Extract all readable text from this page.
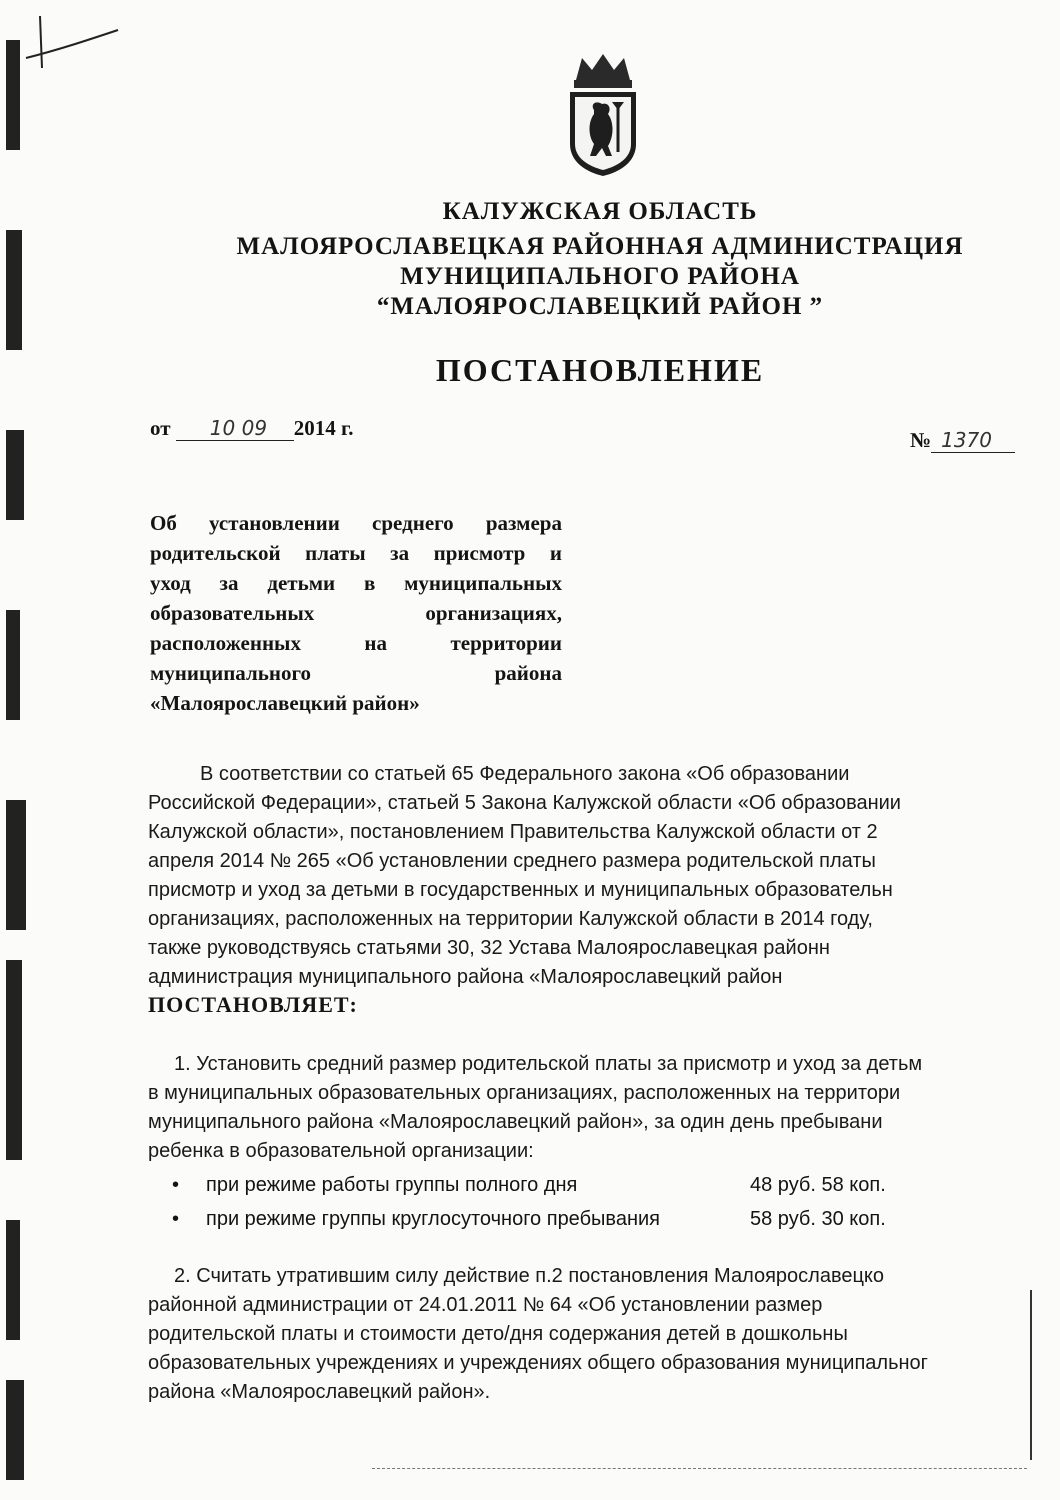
КАЛУЖСКАЯ ОБЛАСТЬ
МАЛОЯРОСЛАВЕЦКАЯ РАЙОННАЯ АДМИНИСТРАЦИЯ
МУНИЦИПАЛЬНОГО РАЙОНА
“МАЛОЯРОСЛАВЕЦКИЙ РАЙОН ”
ПОСТАНОВЛЕНИЕ
от 10 09 2014 г.	№ 1370
Об установлении среднего размера
родительской платы за присмотр и
уход за детьми в муниципальных
образовательных организациях,
расположенных на территории
муниципального района
«Малоярославецкий район»
В соответствии со статьей 65 Федерального закона «Об образовании
Российской Федерации», статьей 5 Закона Калужской области «Об образовании
Калужской области», постановлением Правительства Калужской области от 2
апреля 2014 № 265 «Об установлении среднего размера родительской платы
присмотр и уход за детьми в государственных и муниципальных образовательн
организациях, расположенных на территории Калужской области в 2014 году,
также руководствуясь статьями 30, 32 Устава Малоярославецкая районн
администрация муниципального района «Малоярославецкий район
ПОСТАНОВЛЯЕТ:
1. Установить средний размер родительской платы за присмотр и уход за детьм
в муниципальных образовательных организациях, расположенных на территори
муниципального района «Малоярославецкий район», за один день пребывани
ребенка в образовательной организации:
•	при режиме работы группы полного дня	48 руб. 58 коп.
•	при режиме группы круглосуточного пребывания	58 руб. 30 коп.
2. Считать утратившим силу действие п.2 постановления Малоярославецко
районной администрации от 24.01.2011 № 64 «Об установлении размер
родительской платы и стоимости дето/дня содержания детей в дошкольны
образовательных учреждениях и учреждениях общего образования муниципальног
района «Малоярославецкий район».
